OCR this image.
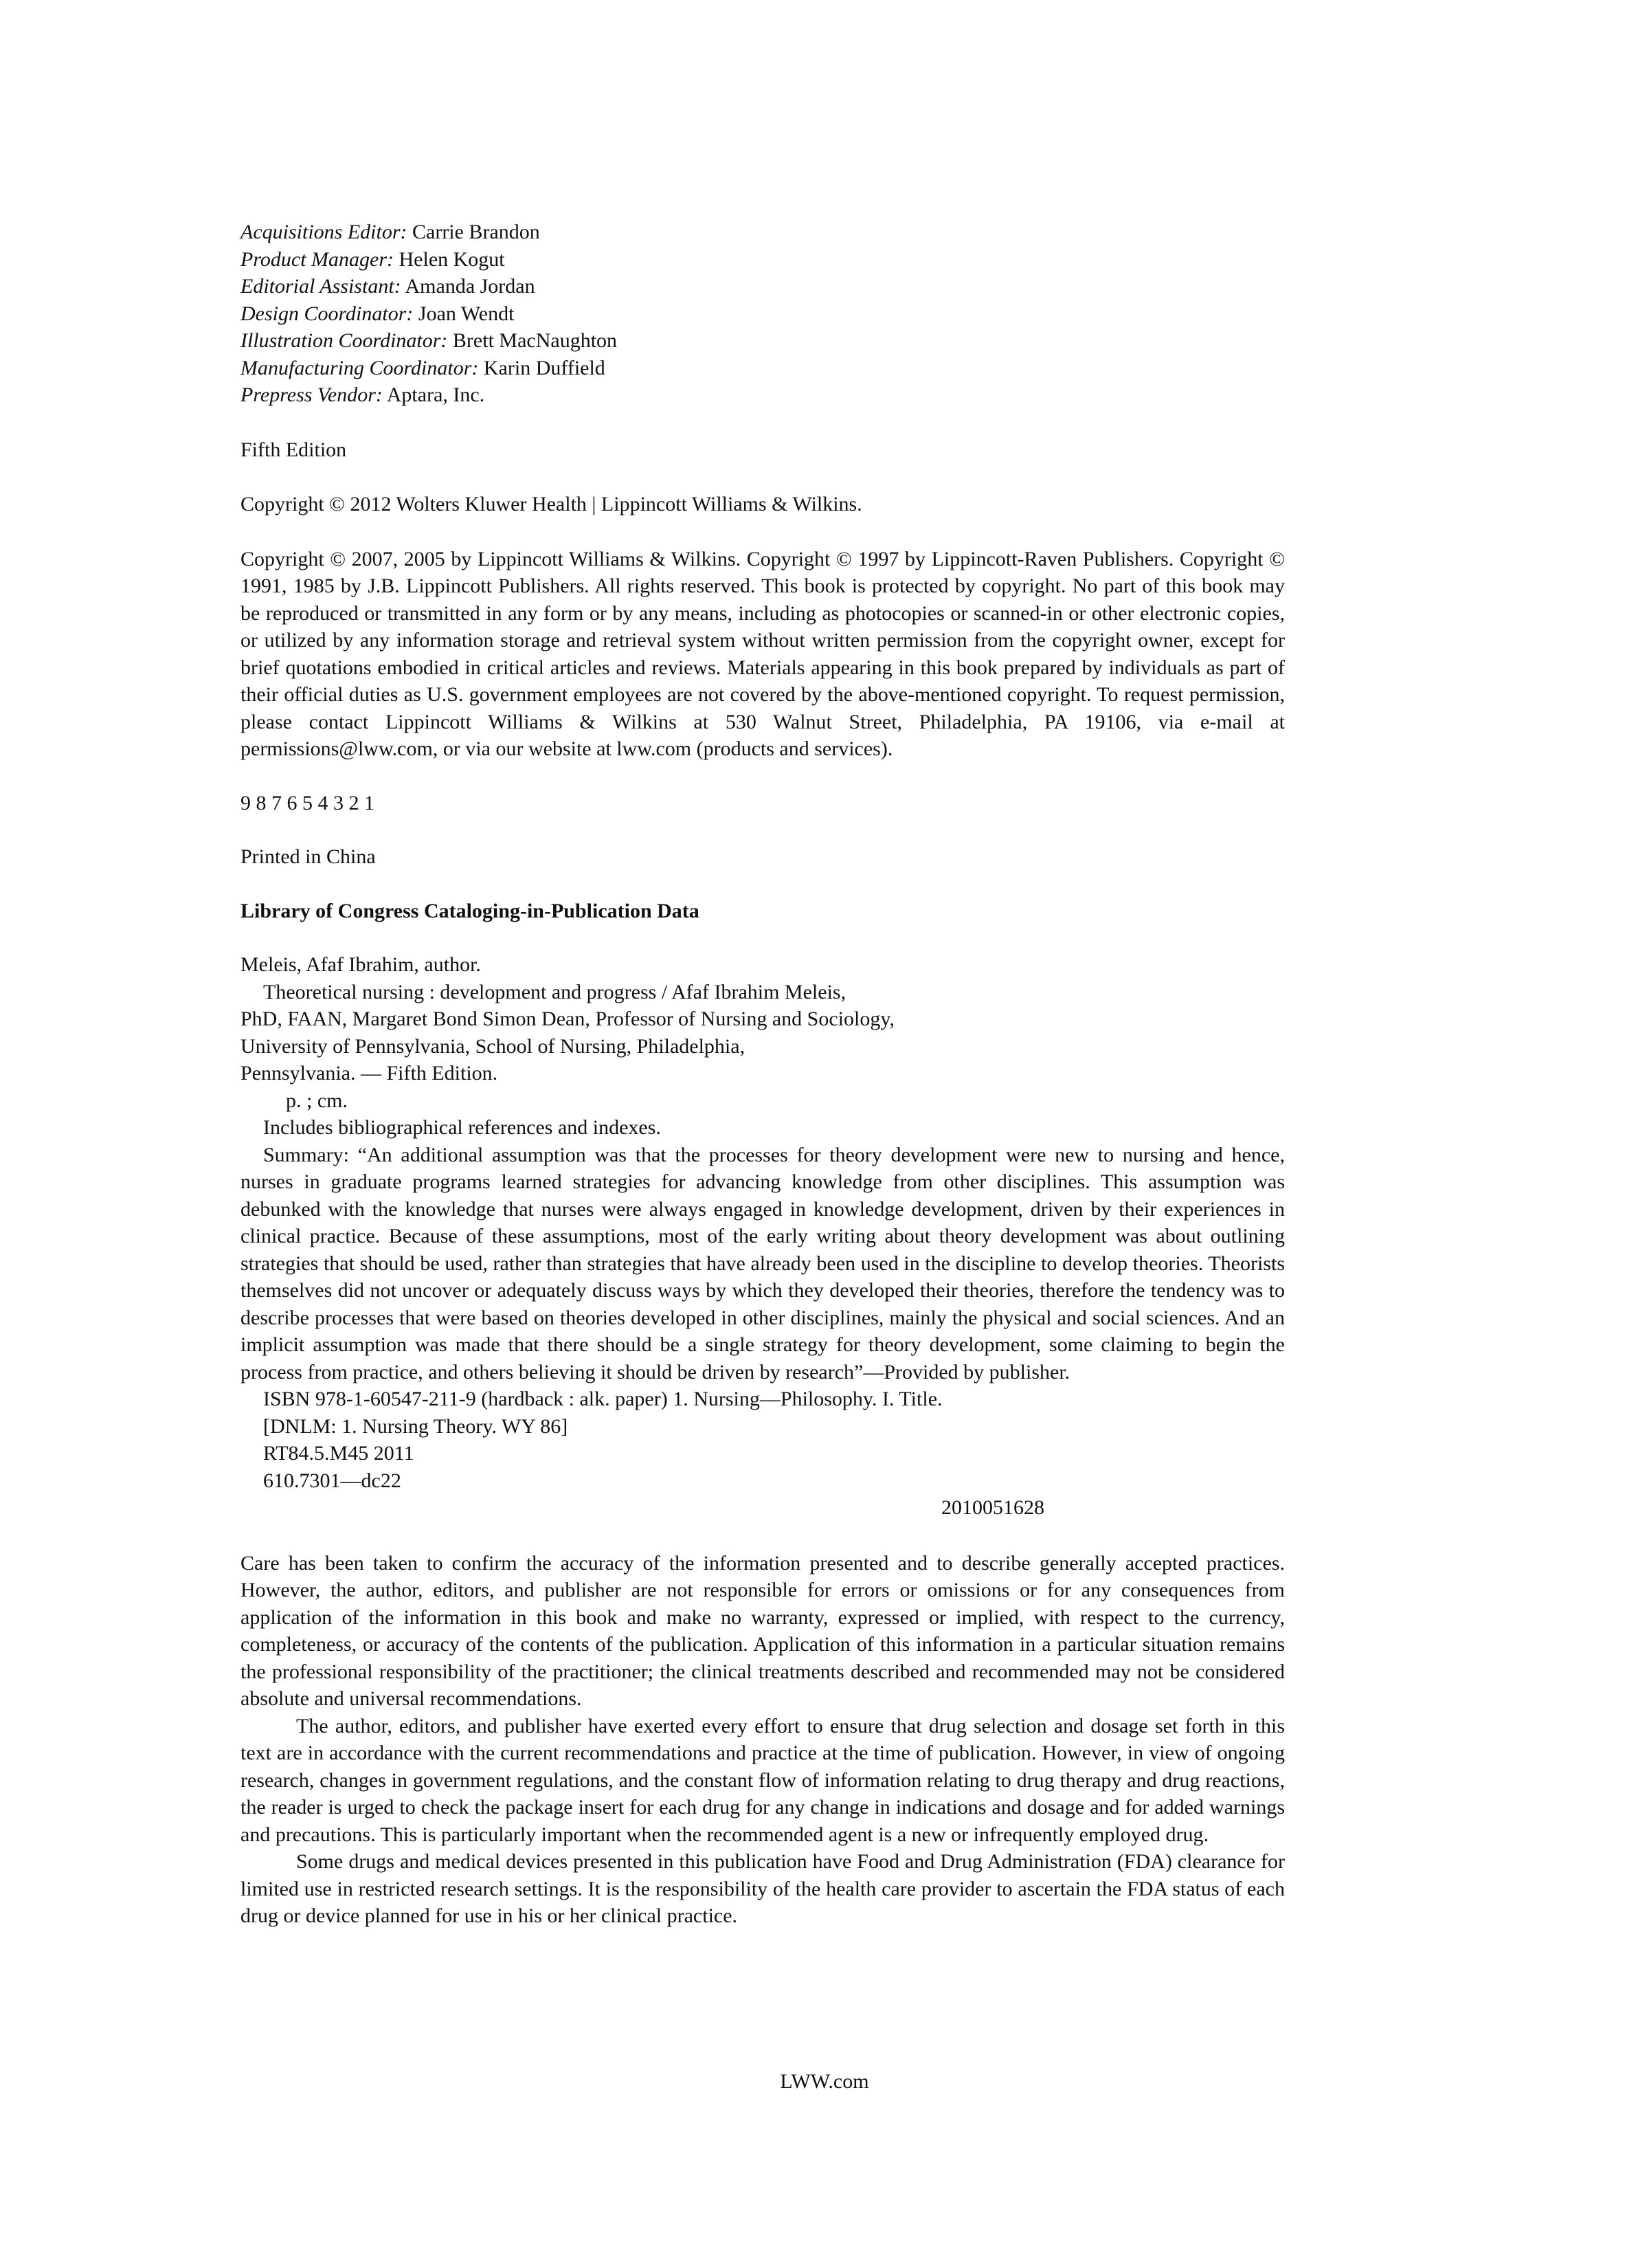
Acquisitions Editor: Carrie Brandon
Product Manager: Helen Kogut
Editorial Assistant: Amanda Jordan
Design Coordinator: Joan Wendt
Illustration Coordinator: Brett MacNaughton
Manufacturing Coordinator: Karin Duffield
Prepress Vendor: Aptara, Inc.

Fifth Edition

Copyright © 2012 Wolters Kluwer Health | Lippincott Williams & Wilkins.

Copyright © 2007, 2005 by Lippincott Williams & Wilkins. Copyright © 1997 by Lippincott-Raven Publishers. Copyright © 1991, 1985 by J.B. Lippincott Publishers. All rights reserved. This book is protected by copyright. No part of this book may be reproduced or transmitted in any form or by any means, including as photocopies or scanned-in or other electronic copies, or utilized by any information storage and retrieval system without written permission from the copyright owner, except for brief quotations embodied in critical articles and reviews. Materials appearing in this book prepared by individuals as part of their official duties as U.S. government employees are not covered by the above-mentioned copyright. To request permission, please contact Lippincott Williams & Wilkins at 530 Walnut Street, Philadelphia, PA 19106, via e-mail at permissions@lww.com, or via our website at lww.com (products and services).

9 8 7 6 5 4 3 2 1

Printed in China

Library of Congress Cataloging-in-Publication Data

Meleis, Afaf Ibrahim, author.
Theoretical nursing : development and progress / Afaf Ibrahim Meleis,
PhD, FAAN, Margaret Bond Simon Dean, Professor of Nursing and Sociology,
University of Pennsylvania, School of Nursing, Philadelphia,
Pennsylvania. — Fifth Edition.
p. ; cm.
Includes bibliographical references and indexes.

Summary: “An additional assumption was that the processes for theory development were new to nursing and hence, nurses in graduate programs learned strategies for advancing knowledge from other disciplines. This assumption was debunked with the knowledge that nurses were always engaged in knowledge development, driven by their experiences in clinical practice. Because of these assumptions, most of the early writing about theory development was about outlining strategies that should be used, rather than strategies that have already been used in the discipline to develop theories. Theorists themselves did not uncover or adequately discuss ways by which they developed their theories, therefore the tendency was to describe processes that were based on theories developed in other disciplines, mainly the physical and social sciences. And an implicit assumption was made that there should be a single strategy for theory development, some claiming to begin the process from practice, and others believing it should be driven by research”—Provided by publisher.

ISBN 978-1-60547-211-9 (hardback : alk. paper) 1. Nursing—Philosophy. I. Title.
[DNLM: 1. Nursing Theory. WY 86]
RT84.5.M45 2011
610.7301—dc22
2010051628

Care has been taken to confirm the accuracy of the information presented and to describe generally accepted practices. However, the author, editors, and publisher are not responsible for errors or omissions or for any consequences from application of the information in this book and make no warranty, expressed or implied, with respect to the currency, completeness, or accuracy of the contents of the publication. Application of this information in a particular situation remains the professional responsibility of the practitioner; the clinical treatments described and recommended may not be considered absolute and universal recommendations.

The author, editors, and publisher have exerted every effort to ensure that drug selection and dosage set forth in this text are in accordance with the current recommendations and practice at the time of publication. However, in view of ongoing research, changes in government regulations, and the constant flow of information relating to drug therapy and drug reactions, the reader is urged to check the package insert for each drug for any change in indications and dosage and for added warnings and precautions. This is particularly important when the recommended agent is a new or infrequently employed drug.

Some drugs and medical devices presented in this publication have Food and Drug Administration (FDA) clearance for limited use in restricted research settings. It is the responsibility of the health care provider to ascertain the FDA status of each drug or device planned for use in his or her clinical practice.

LWW.com
